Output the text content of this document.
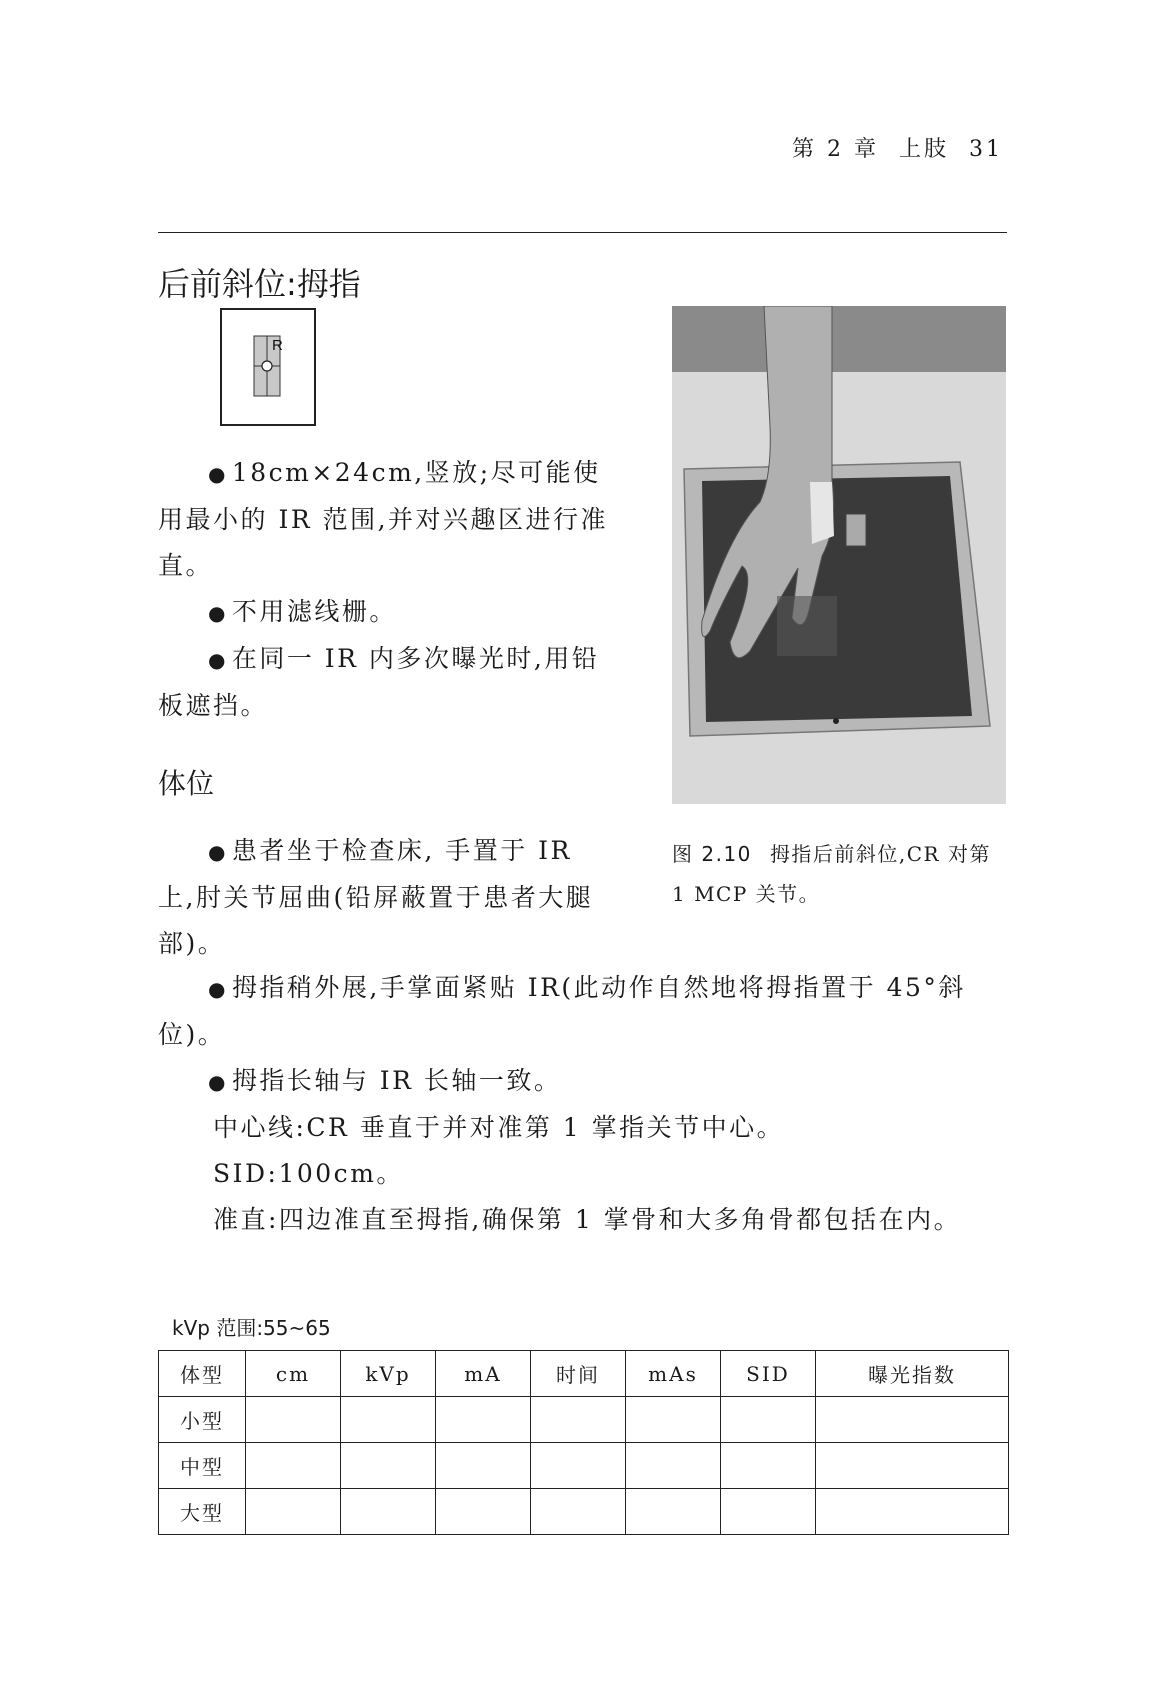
第 2 章 上肢 31
后前斜位:拇指
R

● 18cm×24cm,竖放;尽可能使用最小的 IR 范围,并对兴趣区进行准直。

● 不用滤线栅。

● 在同一 IR 内多次曝光时,用铅板遮挡。

体位

● 患者坐于检查床, 手置于 IR 上,肘关节屈曲(铅屏蔽置于患者大腿部)。

图 2.10 拇指后前斜位,CR 对第 1 MCP 关节。

● 拇指稍外展,手掌面紧贴 IR(此动作自然地将拇指置于 45°斜位)。

● 拇指长轴与 IR 长轴一致。

中心线:CR 垂直于并对准第 1 掌指关节中心。

SID:100cm。

准直:四边准直至拇指,确保第 1 掌骨和大多角骨都包括在内。

kVp 范围:55~65
体型	cm	kVp	mA	时间	mAs	SID	曝光指数
小型							
中型							
大型							
